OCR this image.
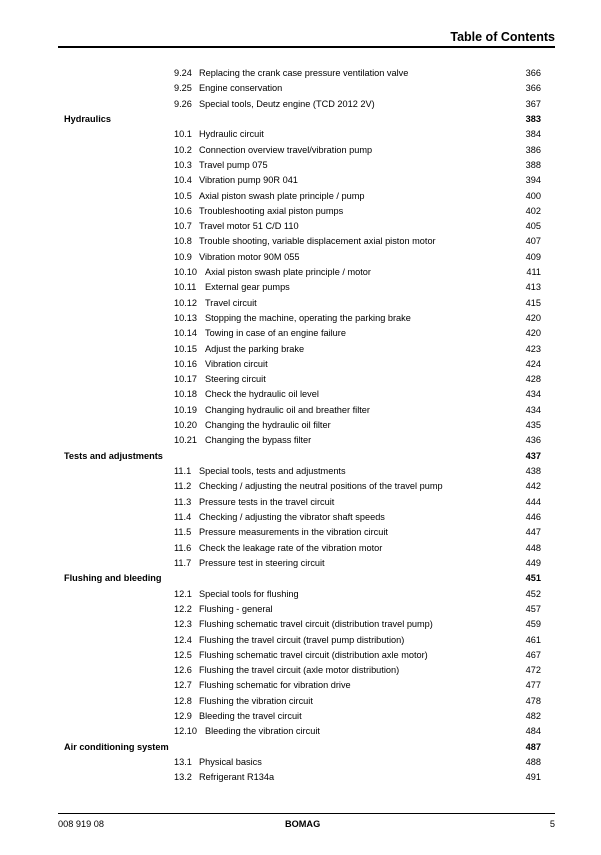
Table of Contents
9.24 Replacing the crank case pressure ventilation valve	366
9.25 Engine conservation	366
9.26 Special tools, Deutz engine (TCD 2012 2V)	367
Hydraulics	383
10.1 Hydraulic circuit	384
10.2 Connection overview travel/vibration pump	386
10.3 Travel pump 075	388
10.4 Vibration pump 90R 041	394
10.5 Axial piston swash plate principle / pump	400
10.6 Troubleshooting axial piston pumps	402
10.7 Travel motor 51 C/D 110	405
10.8 Trouble shooting, variable displacement axial piston motor	407
10.9 Vibration motor 90M 055	409
10.10 Axial piston swash plate principle / motor	411
10.11 External gear pumps	413
10.12 Travel circuit	415
10.13 Stopping the machine, operating the parking brake	420
10.14 Towing in case of an engine failure	420
10.15 Adjust the parking brake	423
10.16 Vibration circuit	424
10.17 Steering circuit	428
10.18 Check the hydraulic oil level	434
10.19 Changing hydraulic oil and breather filter	434
10.20 Changing the hydraulic oil filter	435
10.21 Changing the bypass filter	436
Tests and adjustments	437
11.1 Special tools, tests and adjustments	438
11.2 Checking / adjusting the neutral positions of the travel pump	442
11.3 Pressure tests in the travel circuit	444
11.4 Checking / adjusting the vibrator shaft speeds	446
11.5 Pressure measurements in the vibration circuit	447
11.6 Check the leakage rate of the vibration motor	448
11.7 Pressure test in steering circuit	449
Flushing and bleeding	451
12.1 Special tools for flushing	452
12.2 Flushing - general	457
12.3 Flushing schematic travel circuit (distribution travel pump)	459
12.4 Flushing the travel circuit (travel pump distribution)	461
12.5 Flushing schematic travel circuit (distribution axle motor)	467
12.6 Flushing the travel circuit (axle motor distribution)	472
12.7 Flushing schematic for vibration drive	477
12.8 Flushing the vibration circuit	478
12.9 Bleeding the travel circuit	482
12.10 Bleeding the vibration circuit	484
Air conditioning system	487
13.1 Physical basics	488
13.2 Refrigerant R134a	491
008 919 08	BOMAG	5
